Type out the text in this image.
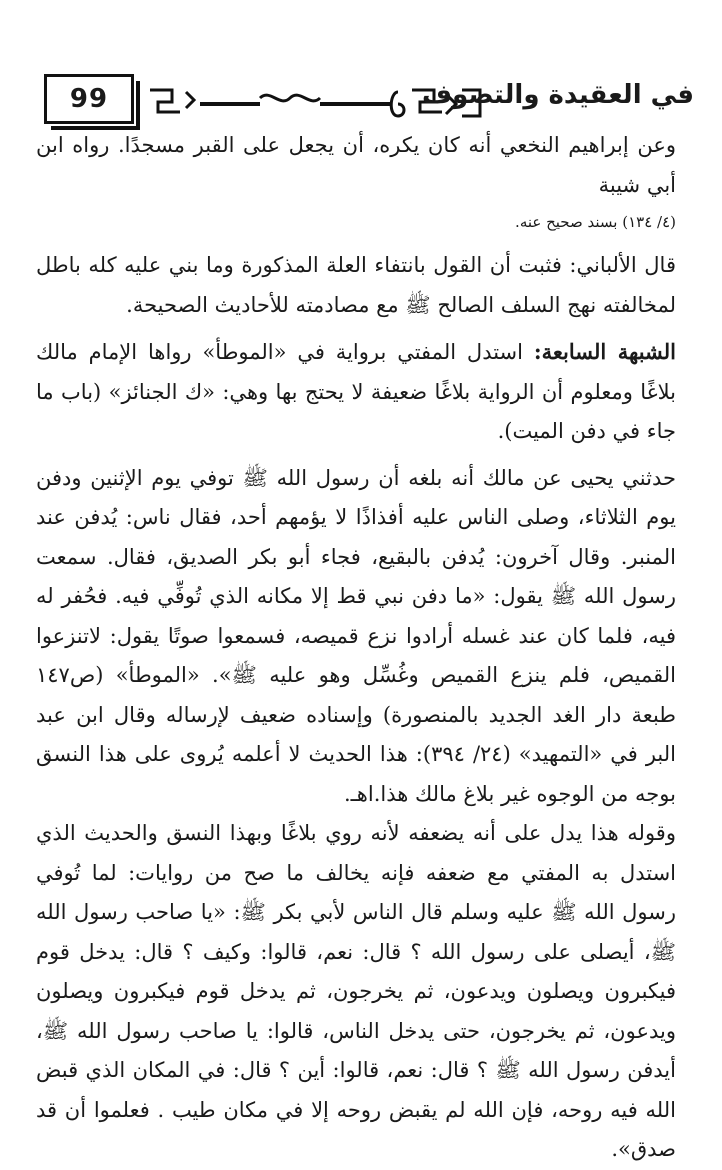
99	في العقيدة والتصوف

وعن إبراهيم النخعي أنه كان يكره، أن يجعل على القبر مسجدًا. رواه ابن أبي شيبة

(٤/ ١٣٤) بسند صحيح عنه.

قال الألباني: فثبت أن القول بانتفاء العلة المذكورة وما بني عليه كله باطل لمخالفته نهج السلف الصالح ﷺ مع مصادمته للأحاديث الصحيحة.

الشبهة السابعة: استدل المفتي برواية في «الموطأ» رواها الإمام مالك بلاغًا ومعلوم أن الرواية بلاغًا ضعيفة لا يحتج بها وهي: «ك الجنائز» (باب ما جاء في دفن الميت).

حدثني يحيى عن مالك أنه بلغه أن رسول الله ﷺ توفي يوم الإثنين ودفن يوم الثلاثاء، وصلى الناس عليه أفذاذًا لا يؤمهم أحد، فقال ناس: يُدفن عند المنبر. وقال آخرون: يُدفن بالبقيع، فجاء أبو بكر الصديق، فقال. سمعت رسول الله ﷺ يقول: «ما دفن نبي قط إلا مكانه الذي تُوفِّي فيه. فحُفر له فيه، فلما كان عند غسله أرادوا نزع قميصه، فسمعوا صوتًا يقول: لاتنزعوا القميص، فلم ينزع القميص وغُسِّل وهو عليه ﷺ». «الموطأ» (ص١٤٧ طبعة دار الغد الجديد بالمنصورة) وإسناده ضعيف لإرساله وقال ابن عبد البر في «التمهيد» (٢٤/ ٣٩٤): هذا الحديث لا أعلمه يُروى على هذا النسق بوجه من الوجوه غير بلاغ مالك هذا.اهـ.

وقوله هذا يدل على أنه يضعفه لأنه روي بلاغًا وبهذا النسق والحديث الذي استدل به المفتي مع ضعفه فإنه يخالف ما صح من روايات: لما تُوفي رسول الله ﷺ عليه وسلم قال الناس لأبي بكر ﷺ: «يا صاحب رسول الله ﷺ، أيصلى على رسول الله ؟ قال: نعم، قالوا: وكيف ؟ قال: يدخل قوم فيكبرون ويصلون ويدعون، ثم يخرجون، ثم يدخل قوم فيكبرون ويصلون ويدعون، ثم يخرجون، حتى يدخل الناس، قالوا: يا صاحب رسول الله ﷺ، أيدفن رسول الله ﷺ ؟ قال: نعم، قالوا: أين ؟ قال: في المكان الذي قبض الله فيه روحه، فإن الله لم يقبض روحه إلا في مكان طيب . فعلموا أن قد صدق».
